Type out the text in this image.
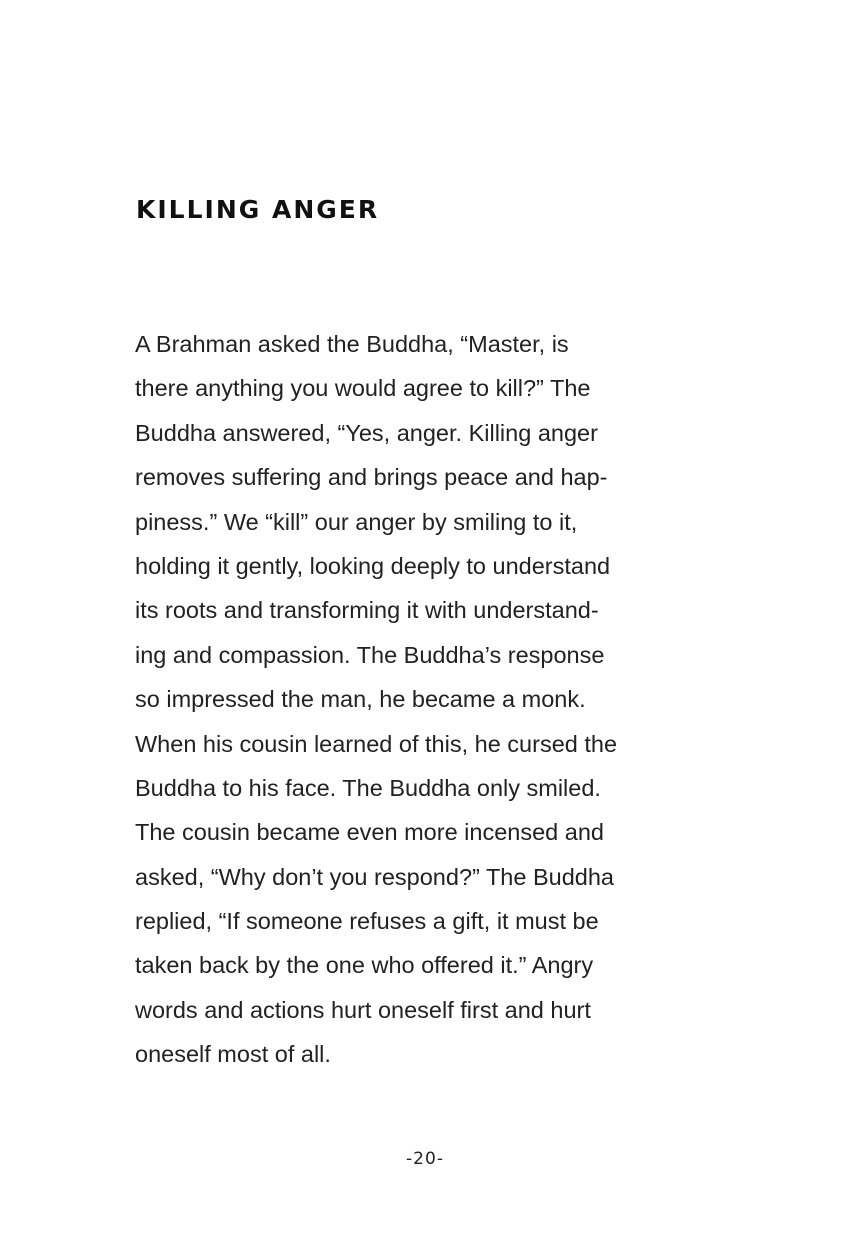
KILLING ANGER
A Brahman asked the Buddha, “Master, is
there anything you would agree to kill?” The
Buddha answered, “Yes, anger. Killing anger
removes suffering and brings peace and hap-
piness.” We “kill” our anger by smiling to it,
holding it gently, looking deeply to understand
its roots and transforming it with understand-
ing and compassion. The Buddha’s response
so impressed the man, he became a monk.
When his cousin learned of this, he cursed the
Buddha to his face. The Buddha only smiled.
The cousin became even more incensed and
asked, “Why don’t you respond?” The Buddha
replied, “If someone refuses a gift, it must be
taken back by the one who offered it.” Angry
words and actions hurt oneself first and hurt
oneself most of all.
-20-
